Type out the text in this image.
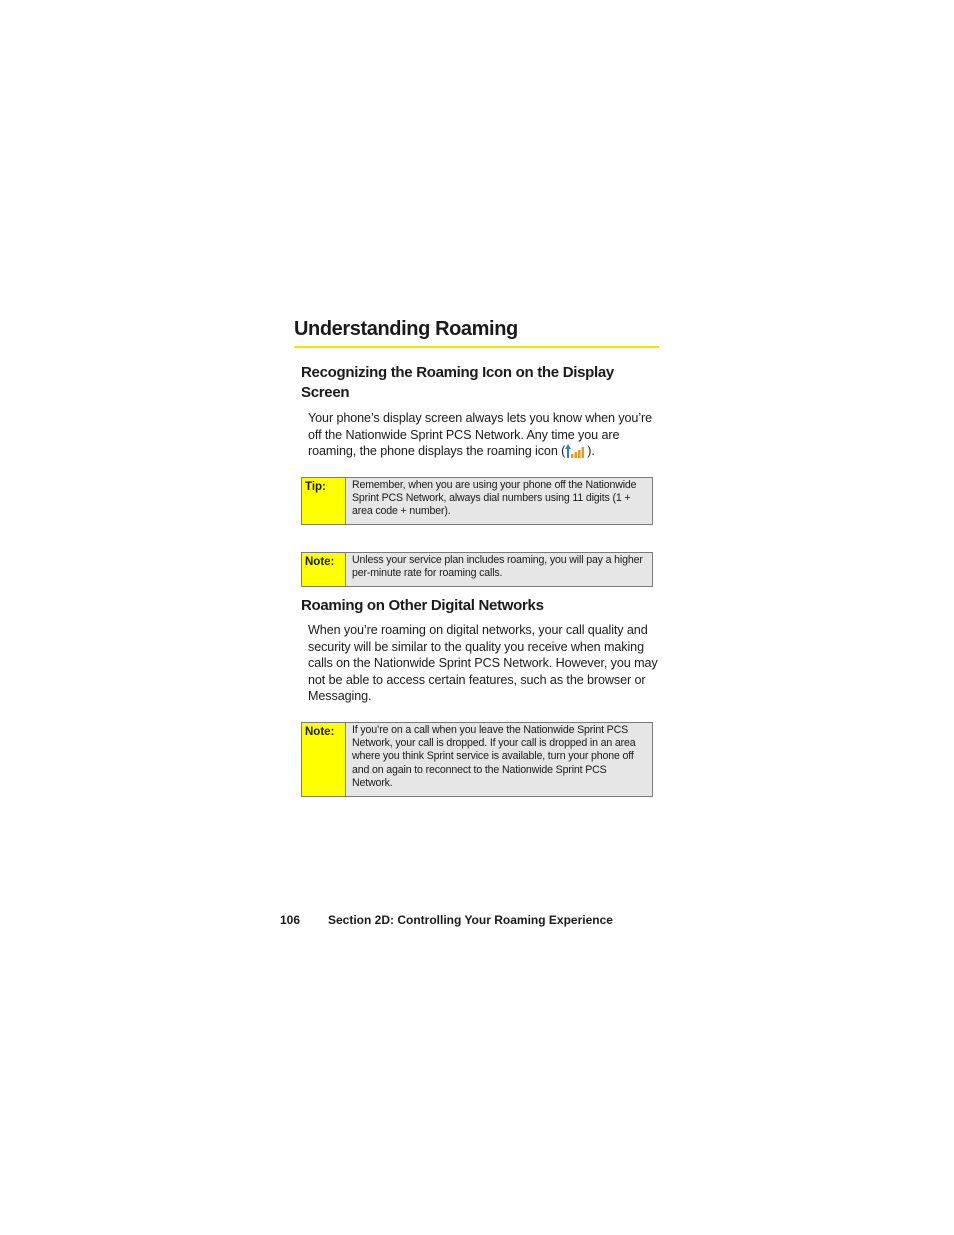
Understanding Roaming
Recognizing the Roaming Icon on the Display Screen
Your phone’s display screen always lets you know when you’re off the Nationwide Sprint PCS Network. Any time you are roaming, the phone displays the roaming icon ( ).
Tip:	Remember, when you are using your phone off the Nationwide Sprint PCS Network, always dial numbers using 11 digits (1 + area code + number).
Note:	Unless your service plan includes roaming, you will pay a higher per-minute rate for roaming calls.
Roaming on Other Digital Networks
When you’re roaming on digital networks, your call quality and security will be similar to the quality you receive when making calls on the Nationwide Sprint PCS Network. However, you may not be able to access certain features, such as the browser or Messaging.
Note:	If you’re on a call when you leave the Nationwide Sprint PCS Network, your call is dropped. If your call is dropped in an area where you think Sprint service is available, turn your phone off and on again to reconnect to the Nationwide Sprint PCS Network.
106 Section 2D: Controlling Your Roaming Experience
